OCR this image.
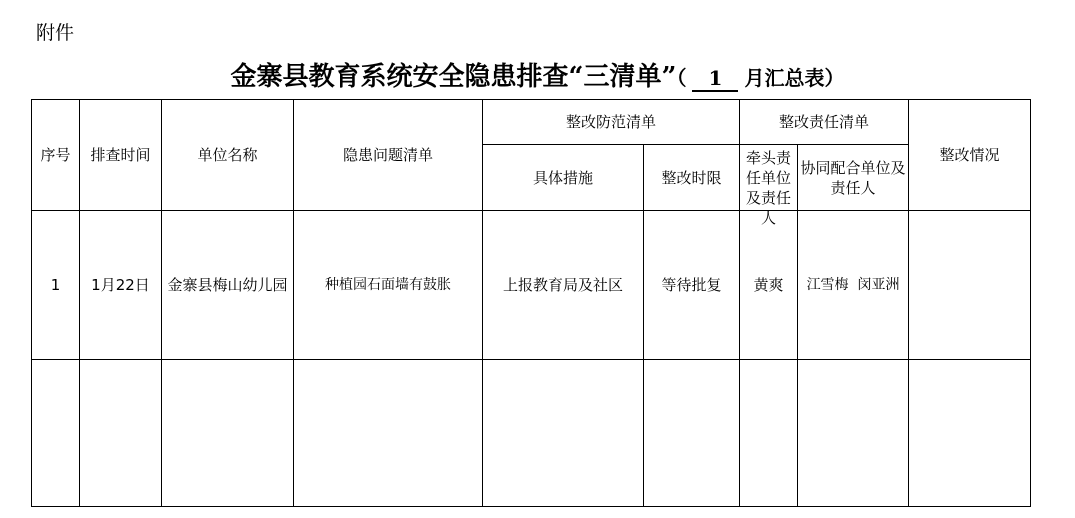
附件
金寨县教育系统安全隐患排查“三清单”（ 1 月汇总表）
序号	排查时间	单位名称	隐患问题清单	整改防范清单		整改责任清单		整改情况
				具体措施	整改时限	牵头责任单位及责任人	协同配合单位及责任人	

1	1月22日	金寨县梅山幼儿园	种植园石面墙有鼓胀	上报教育局及社区	等待批复	黄爽	江雪梅  闵亚洲	
